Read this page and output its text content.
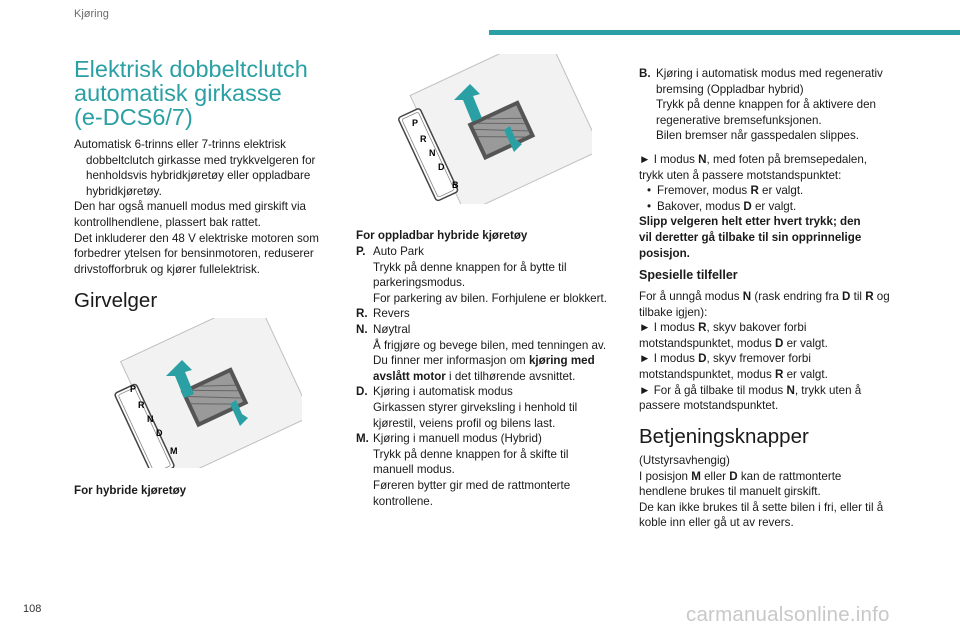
Kjøring
Elektrisk dobbeltclutch
automatisk girkasse
(e-DCS6/7)
Automatisk 6-trinns eller 7-trinns elektrisk
dobbeltclutch girkasse med trykkvelgeren for
henholdsvis hybridkjøretøy eller oppladbare
hybridkjøretøy.
Den har også manuell modus med girskift via
kontrollhendlene, plassert bak rattet.
Det inkluderer den 48 V elektriske motoren som
forbedrer ytelsen for bensinmotoren, reduserer
drivstofforbruk og kjører fullelektrisk.
Girvelger
P
R
N
D
M
For hybride kjøretøy
P
R
N
D
B
For oppladbar hybride kjøretøy
P. Auto Park
Trykk på denne knappen for å bytte til
parkeringsmodus.
For parkering av bilen. Forhjulene er blokkert.
R. Revers
N. Nøytral
Å frigjøre og bevege bilen, med tenningen av.
Du finner mer informasjon om kjøring med
avslått motor i det tilhørende avsnittet.
D. Kjøring i automatisk modus
Girkassen styrer girveksling i henhold til
kjørestil, veiens profil og bilens last.
M. Kjøring i manuell modus (Hybrid)
Trykk på denne knappen for å skifte til
manuell modus.
Føreren bytter gir med de rattmonterte
kontrollene.
B. Kjøring i automatisk modus med regenerativ
bremsing (Oppladbar hybrid)
Trykk på denne knappen for å aktivere den
regenerative bremsefunksjonen.
Bilen bremser når gasspedalen slippes.
► I modus N, med foten på bremsepedalen,
trykk uten å passere motstandspunktet:
• Fremover, modus R er valgt.
• Bakover, modus D er valgt.
Slipp velgeren helt etter hvert trykk; den
vil deretter gå tilbake til sin opprinnelige
posisjon.
Spesielle tilfeller
For å unngå modus N (rask endring fra D til R og
tilbake igjen):
► I modus R, skyv bakover forbi
motstandspunktet, modus D er valgt.
► I modus D, skyv fremover forbi
motstandspunktet, modus R er valgt.
► For å gå tilbake til modus N, trykk uten å
passere motstandspunktet.
Betjeningsknapper
(Utstyrsavhengig)
I posisjon M eller D kan de rattmonterte
hendlene brukes til manuelt girskift.
De kan ikke brukes til å sette bilen i fri, eller til å
koble inn eller gå ut av revers.
108	carmanualsonline.info
